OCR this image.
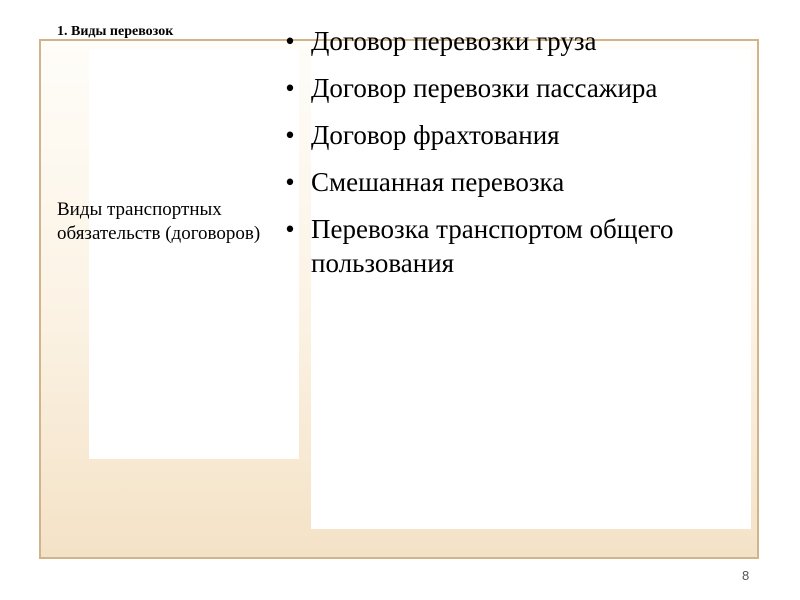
1. Виды перевозок
Виды транспортных обязательств (договоров)
• Договор перевозки груза
• Договор перевозки пассажира
• Договор фрахтования
• Смешанная перевозка
• Перевозка транспортом общего пользования
8
